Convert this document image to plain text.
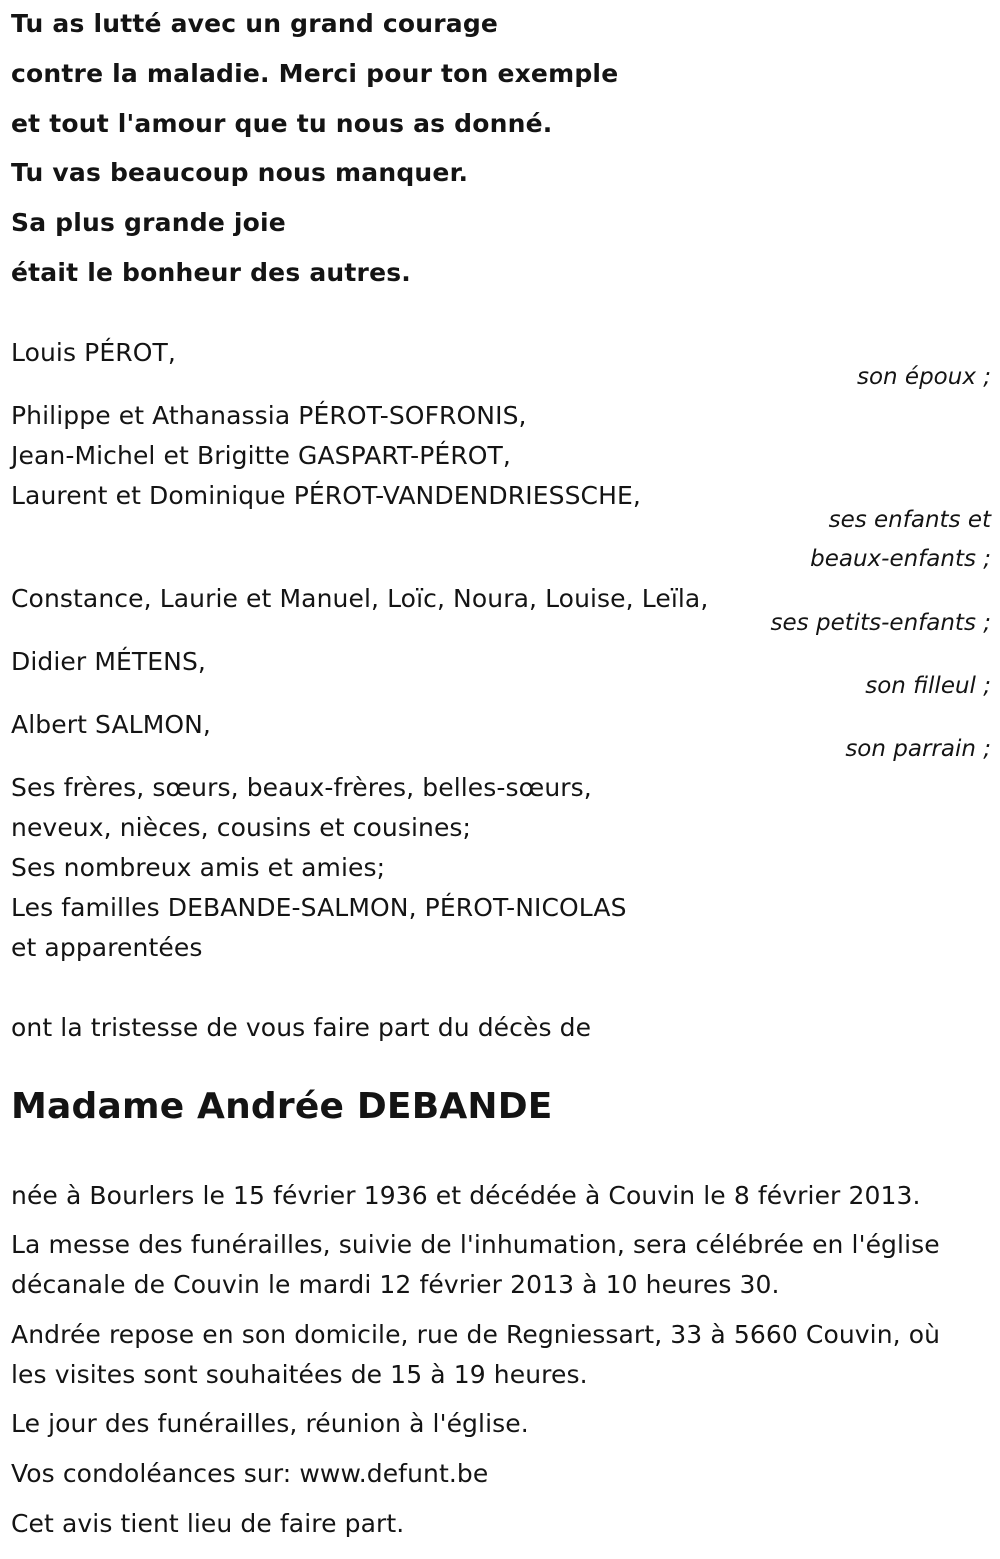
Tu as lutté avec un grand courage
contre la maladie. Merci pour ton exemple
et tout l'amour que tu nous as donné.
Tu vas beaucoup nous manquer.
Sa plus grande joie
était le bonheur des autres.
Louis PÉROT,
son époux ;
Philippe et Athanassia PÉROT-SOFRONIS,
Jean-Michel et Brigitte GASPART-PÉROT,
Laurent et Dominique PÉROT-VANDENDRIESSCHE,
ses enfants et
beaux-enfants ;
Constance, Laurie et Manuel, Loïc, Noura, Louise, Leïla,
ses petits-enfants ;
Didier MÉTENS,
son filleul ;
Albert SALMON,
son parrain ;
Ses frères, sœurs, beaux-frères, belles-sœurs,
neveux, nièces, cousins et cousines;
Ses nombreux amis et amies;
Les familles DEBANDE-SALMON, PÉROT-NICOLAS
et apparentées
ont la tristesse de vous faire part du décès de
Madame Andrée DEBANDE
née à Bourlers le 15 février 1936 et décédée à Couvin le 8 février 2013.
La messe des funérailles, suivie de l'inhumation, sera célébrée en l'église
décanale de Couvin le mardi 12 février 2013 à 10 heures 30.
Andrée repose en son domicile, rue de Regniessart, 33 à 5660 Couvin, où
les visites sont souhaitées de 15 à 19 heures.
Le jour des funérailles, réunion à l'église.
Vos condoléances sur: www.defunt.be
Cet avis tient lieu de faire part.
